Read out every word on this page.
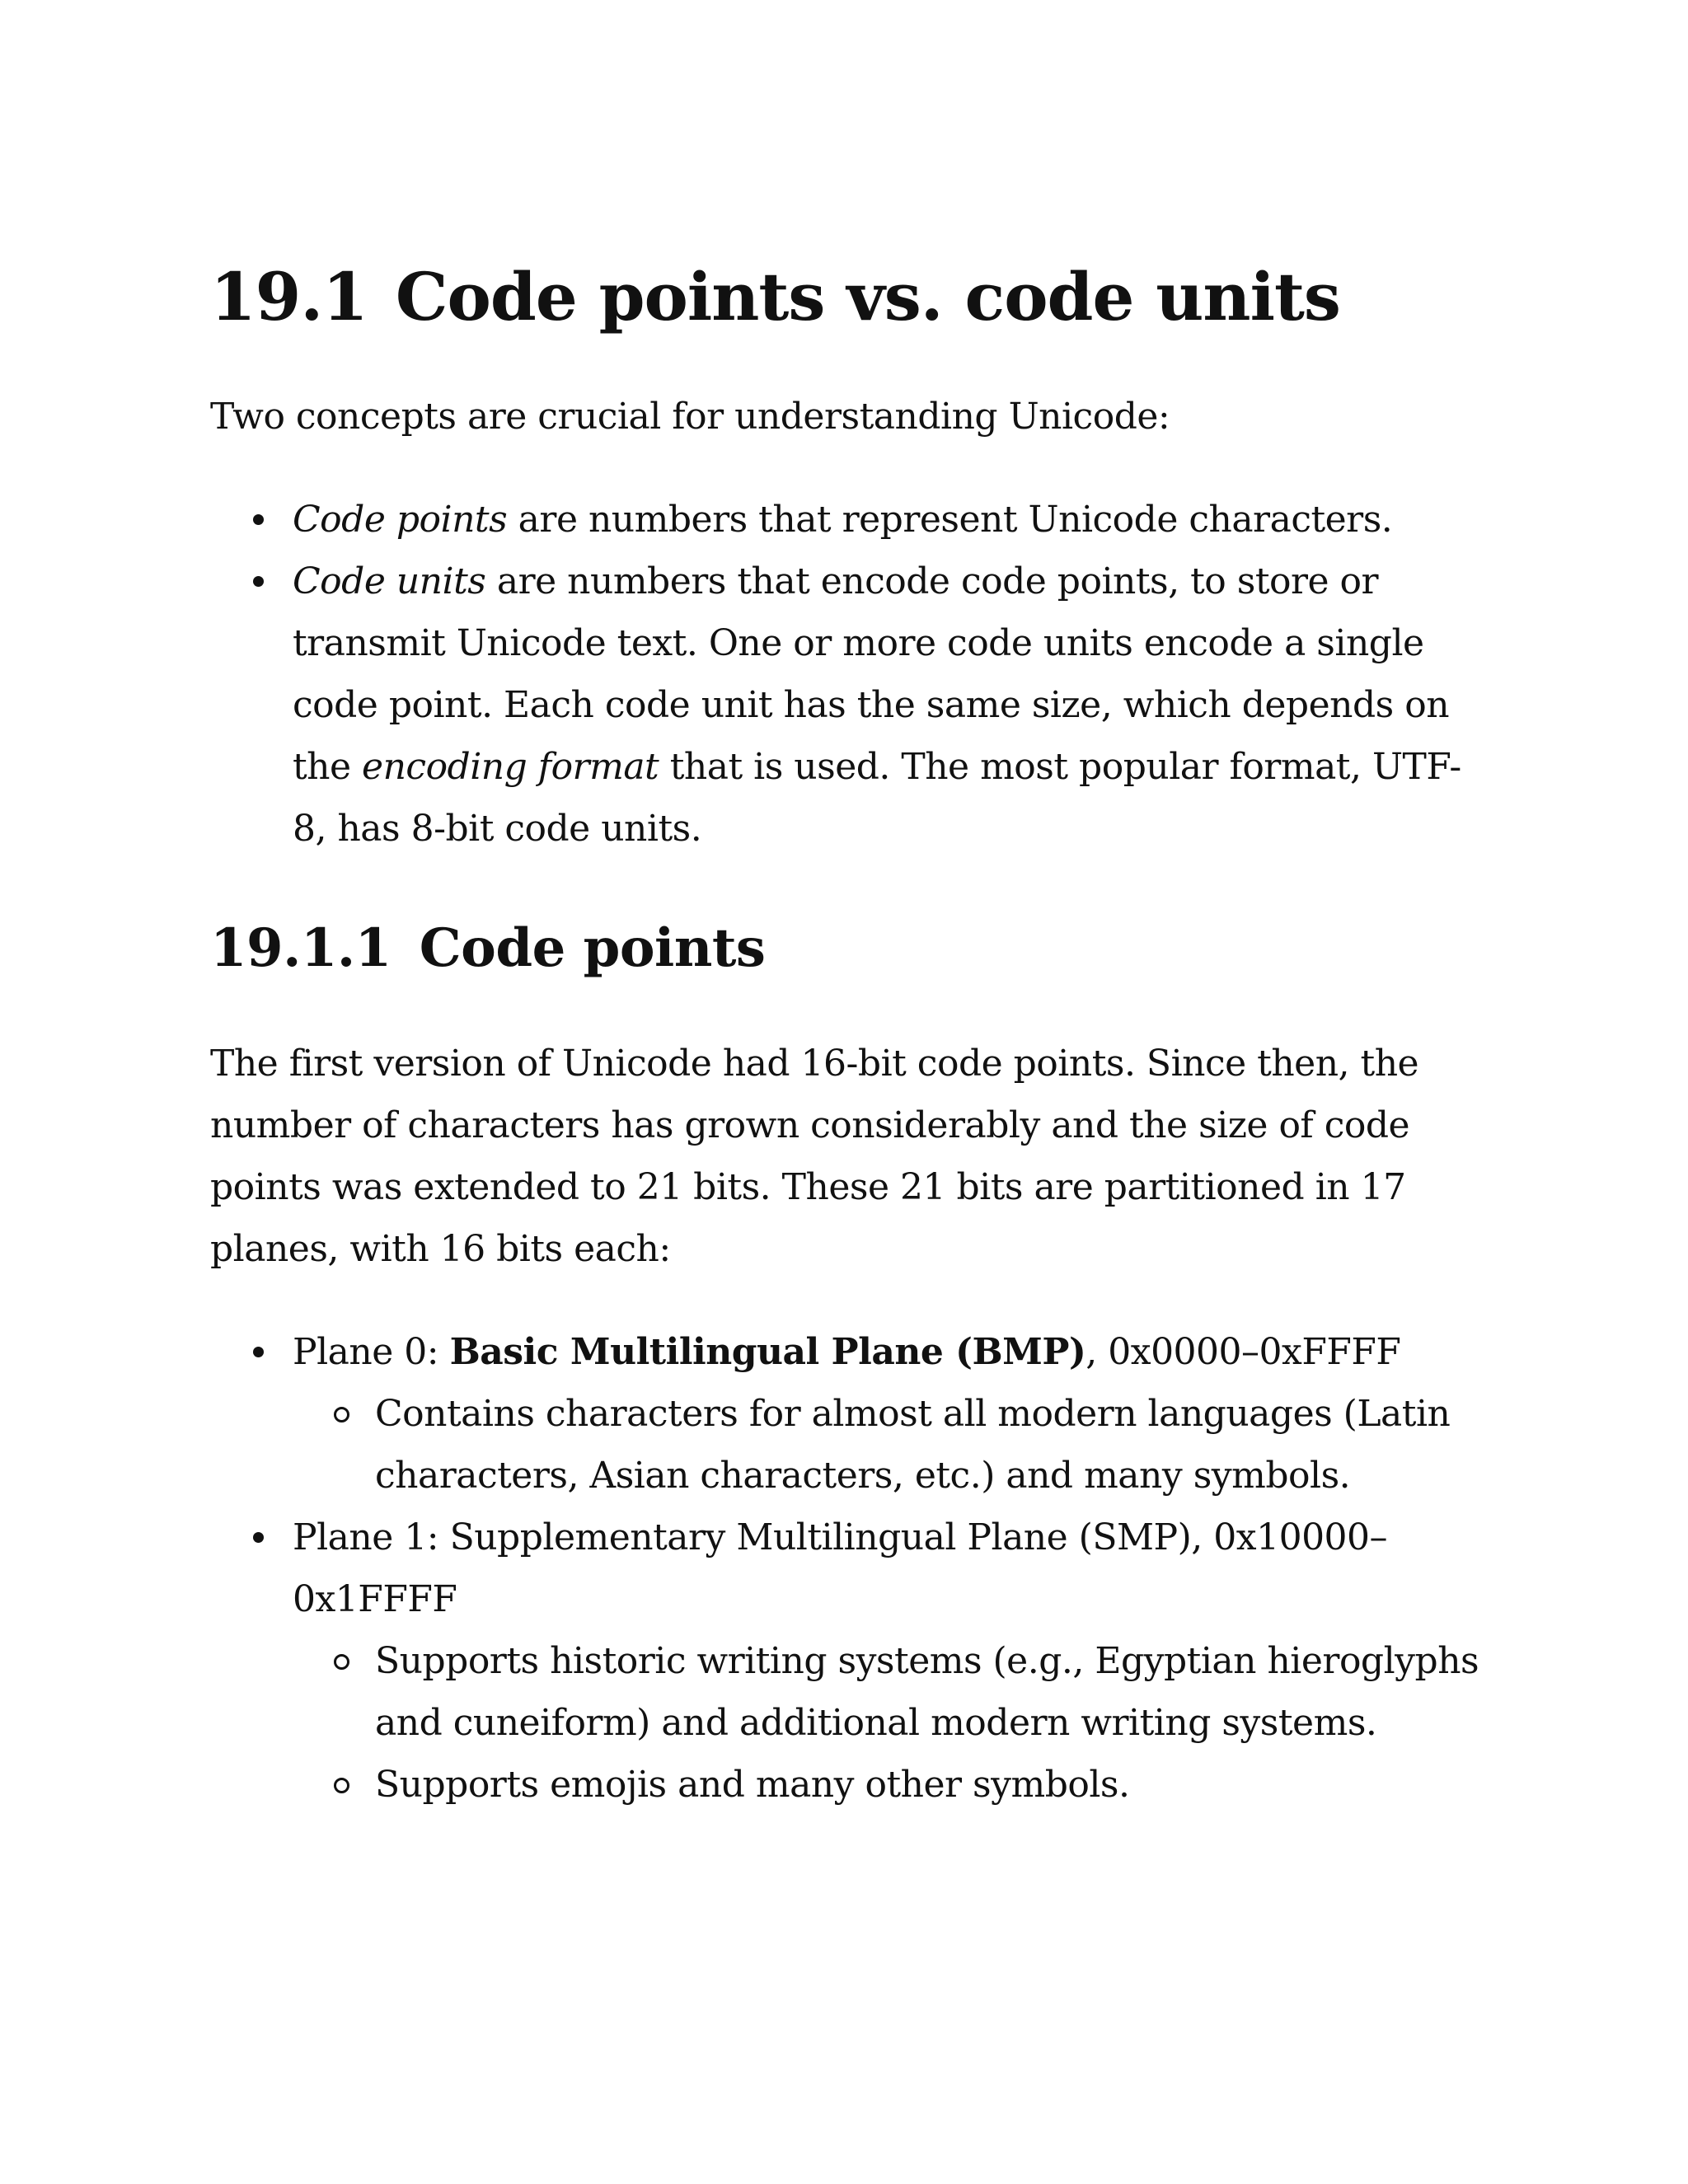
19.1 Code points vs. code units

Two concepts are crucial for understanding Unicode:

Code points are numbers that represent Unicode characters.
Code units are numbers that encode code points, to store or transmit Unicode text. One or more code units encode a single code point. Each code unit has the same size, which depends on the encoding format that is used. The most popular format, UTF-8, has 8-bit code units.
19.1.1 Code points

The first version of Unicode had 16-bit code points. Since then, the number of characters has grown considerably and the size of code points was extended to 21 bits. These 21 bits are partitioned in 17 planes, with 16 bits each:

Plane 0: Basic Multilingual Plane (BMP), 0x0000–0xFFFF
Contains characters for almost all modern languages (Latin characters, Asian characters, etc.) and many symbols.
Plane 1: Supplementary Multilingual Plane (SMP), 0x10000–0x1FFFF
Supports historic writing systems (e.g., Egyptian hieroglyphs and cuneiform) and additional modern writing systems.
Supports emojis and many other symbols.
